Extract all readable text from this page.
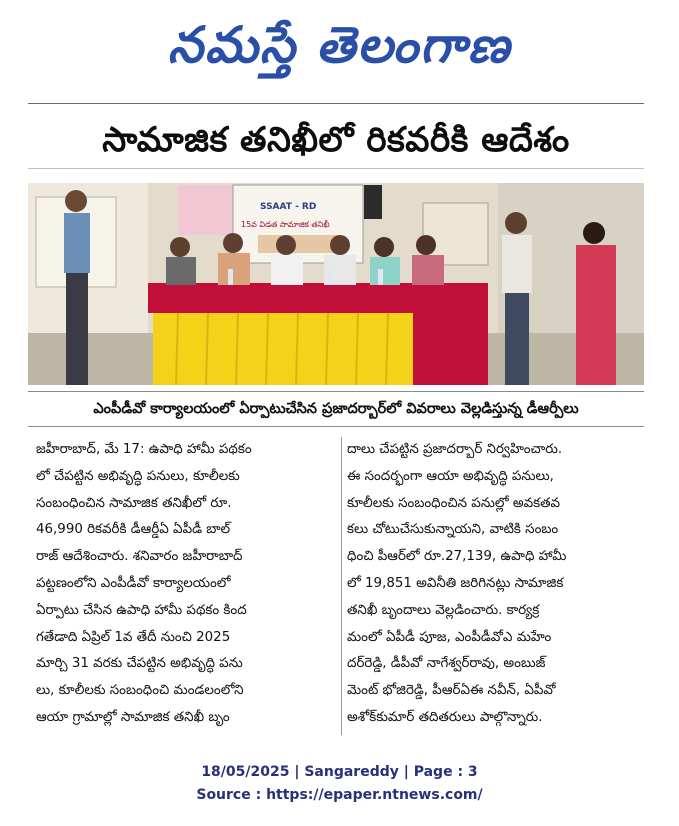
నమస్తే తెలంగాణ
సామాజిక తనిఖీలో రికవరీకి ఆదేశం
SSAAT - RD
15వ విడత సామాజిక తనిఖీ
ఎంపీడీవో కార్యాలయంలో ఏర్పాటుచేసిన ప్రజాదర్బార్‌లో వివరాలు వెల్లడిస్తున్న డీఆర్పీలు
జహీరాబాద్, మే 17: ఉపాధి హామీ పథకం
లో చేపట్టిన అభివృద్ధి పనులు, కూలీలకు
సంబంధించిన సామాజిక తనిఖీలో రూ.
46,990 రికవరీకి డీఆర్డీఏ ఏపీడీ బాల్
రాజ్ ఆదేశించారు. శనివారం జహీరాబాద్
పట్టణంలోని ఎంపీడీవో కార్యాలయంలో
ఏర్పాటు చేసిన ఉపాధి హామీ పథకం కింద
గతేడాది ఏప్రిల్ 1వ తేదీ నుంచి 2025
మార్చి 31 వరకు చేపట్టిన అభివృద్ధి పను
లు, కూలీలకు సంబంధించి మండలంలోని
ఆయా గ్రామాల్లో సామాజిక తనిఖీ బృం
దాలు చేపట్టిన ప్రజాదర్బార్ నిర్వహించారు.
ఈ సందర్భంగా ఆయా అభివృద్ధి పనులు,
కూలీలకు సంబంధించిన పనుల్లో అవకతవ
కలు చోటుచేసుకున్నాయని, వాటికి సంబం
ధించి పీఆర్‌లో రూ.27,139, ఉపాధి హామీ
లో 19,851 అవినీతి జరిగినట్లు సామాజిక
తనిఖీ బృందాలు వెల్లడించారు. కార్యక్ర
మంలో ఏపీడీ పూజ, ఎంపీడీవోఎ మహేం
దర్‌రెడ్డి, డీపీవో నాగేశ్వర్‌రావు, అంబుజ్
మెంట్ భోజిరెడ్డి, పీఆర్‌ఏఈ నవీన్, ఏపీవో
అశోక్‌కుమార్ తదితరులు పాల్గొన్నారు.
18/05/2025 | Sangareddy | Page : 3
Source : https://epaper.ntnews.com/
